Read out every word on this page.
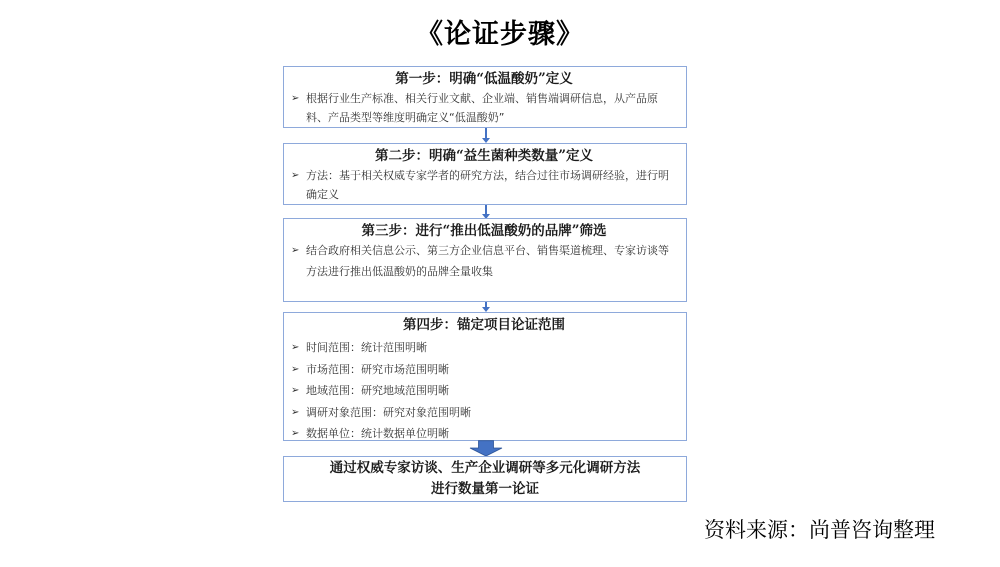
《论证步骤》
第一步：明确“低温酸奶”定义
➢ 根据行业生产标准、相关行业文献、企业端、销售端调研信息，从产品原料、产品类型等维度明确定义“低温酸奶”
第二步：明确“益生菌种类数量”定义
➢ 方法：基于相关权威专家学者的研究方法，结合过往市场调研经验，进行明确定义
第三步：进行“推出低温酸奶的品牌”筛选
➢ 结合政府相关信息公示、第三方企业信息平台、销售渠道梳理、专家访谈等方法进行推出低温酸奶的品牌全量收集
第四步：锚定项目论证范围
➢ 时间范围：统计范围明晰
➢ 市场范围：研究市场范围明晰
➢ 地域范围：研究地域范围明晰
➢ 调研对象范围：研究对象范围明晰
➢ 数据单位：统计数据单位明晰
通过权威专家访谈、生产企业调研等多元化调研方法
进行数量第一论证
资料来源：尚普咨询整理
